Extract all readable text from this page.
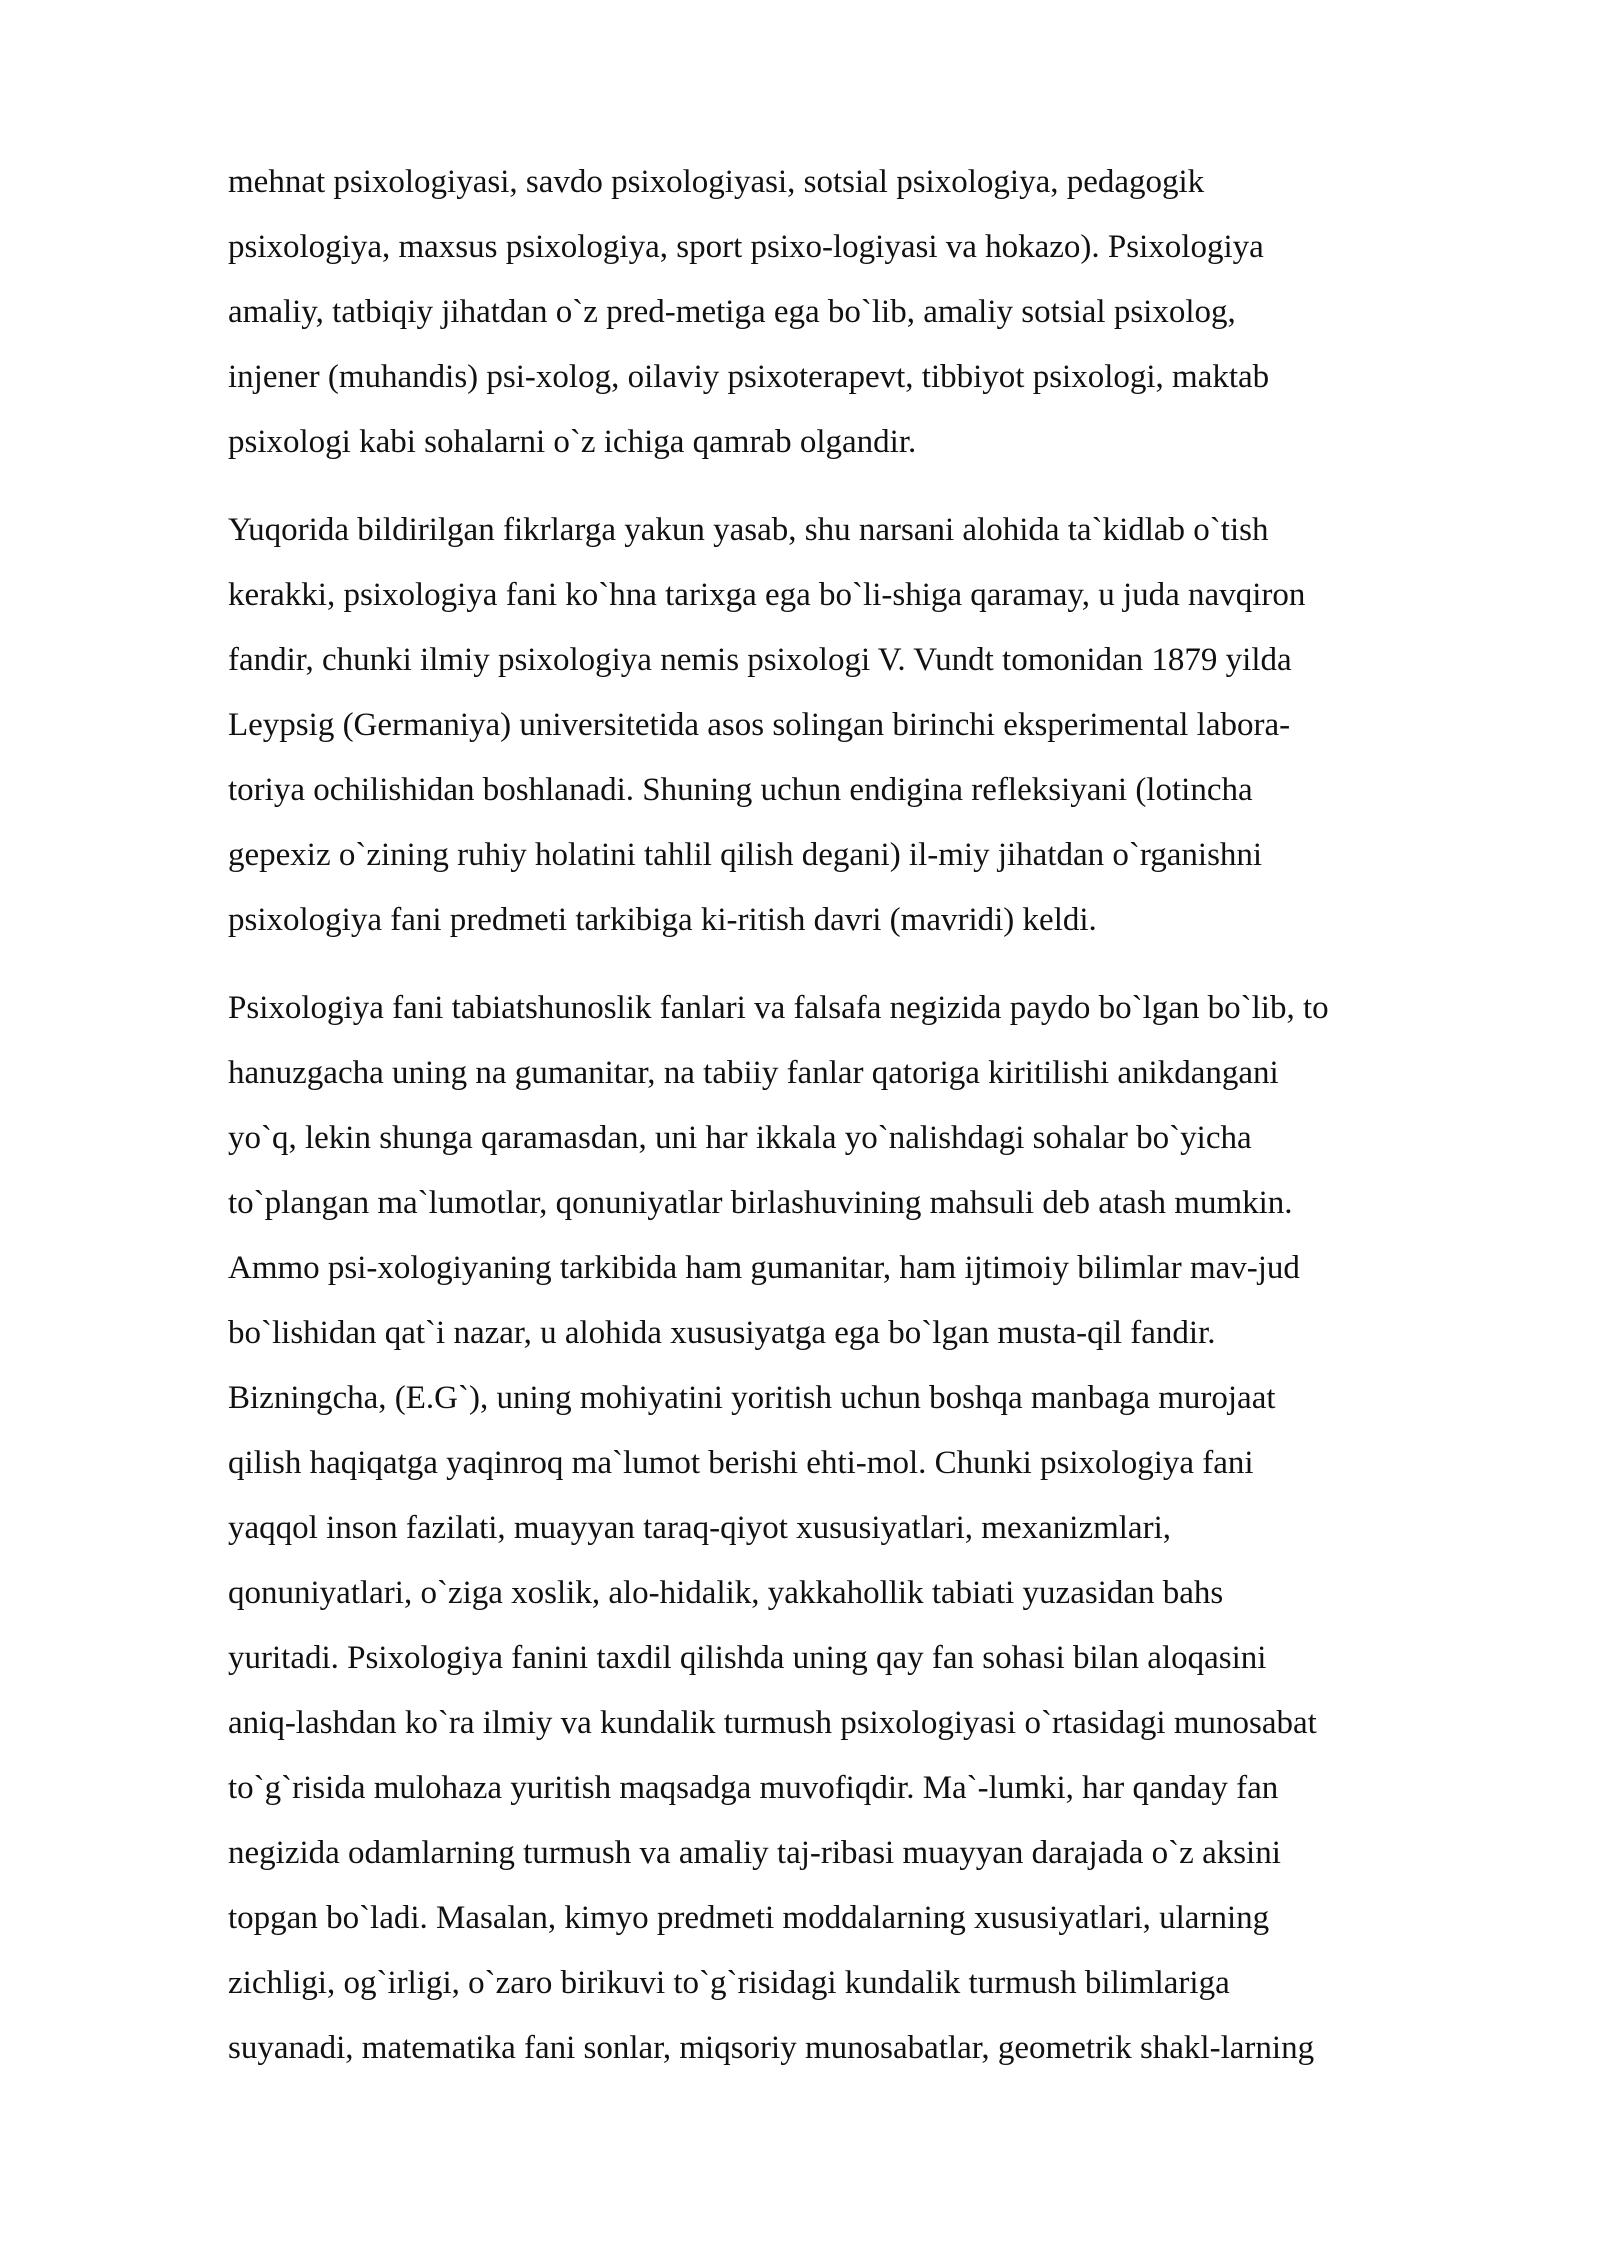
mehnat psixologiyasi, savdo psixologiyasi, sotsial psixologiya, pedagogik
psixologiya, maxsus psixologiya, sport psixo-logiyasi va hokazo). Psixologiya
amaliy, tatbiqiy jihatdan o`z pred-metiga ega bo`lib, amaliy sotsial psixolog,
injener (muhandis) psi-xolog, oilaviy psixoterapevt, tibbiyot psixologi, maktab
psixologi kabi sohalarni o`z ichiga qamrab olgandir.
Yuqorida bildirilgan fikrlarga yakun yasab, shu narsani alohida ta`kidlab o`tish
kerakki, psixologiya fani ko`hna tarixga ega bo`li-shiga qaramay, u juda navqiron
fandir, chunki ilmiy psixologiya nemis psixologi V. Vundt tomonidan 1879 yilda
Leypsig (Germaniya) universitetida asos solingan birinchi eksperimental labora-
toriya ochilishidan boshlanadi. Shuning uchun endigina refleksiyani (lotincha
gepexiz o`zining ruhiy holatini tahlil qilish degani) il-miy jihatdan o`rganishni
psixologiya fani predmeti tarkibiga ki-ritish davri (mavridi) keldi.
Psixologiya fani tabiatshunoslik fanlari va falsafa negizida paydo bo`lgan bo`lib, to
hanuzgacha uning na gumanitar, na tabiiy fanlar qatoriga kiritilishi anikdangani
yo`q, lekin shunga qaramasdan, uni har ikkala yo`nalishdagi sohalar bo`yicha
to`plangan ma`lumotlar, qonuniyatlar birlashuvining mahsuli deb atash mumkin.
Ammo psi-xologiyaning tarkibida ham gumanitar, ham ijtimoiy bilimlar mav-jud
bo`lishidan qat`i nazar, u alohida xususiyatga ega bo`lgan musta-qil fandir.
Bizningcha, (E.G`), uning mohiyatini yoritish uchun boshqa manbaga murojaat
qilish haqiqatga yaqinroq ma`lumot berishi ehti-mol. Chunki psixologiya fani
yaqqol inson fazilati, muayyan taraq-qiyot xususiyatlari, mexanizmlari,
qonuniyatlari, o`ziga xoslik, alo-hidalik, yakkahollik tabiati yuzasidan bahs
yuritadi. Psixologiya fanini taxdil qilishda uning qay fan sohasi bilan aloqasini
aniq-lashdan ko`ra ilmiy va kundalik turmush psixologiyasi o`rtasidagi munosabat
to`g`risida mulohaza yuritish maqsadga muvofiqdir. Ma`-lumki, har qanday fan
negizida odamlarning turmush va amaliy taj-ribasi muayyan darajada o`z aksini
topgan bo`ladi. Masalan, kimyo predmeti moddalarning xususiyatlari, ularning
zichligi, og`irligi, o`zaro birikuvi to`g`risidagi kundalik turmush bilimlariga
suyanadi, matematika fani sonlar, miqsoriy munosabatlar, geometrik shakl-larning
